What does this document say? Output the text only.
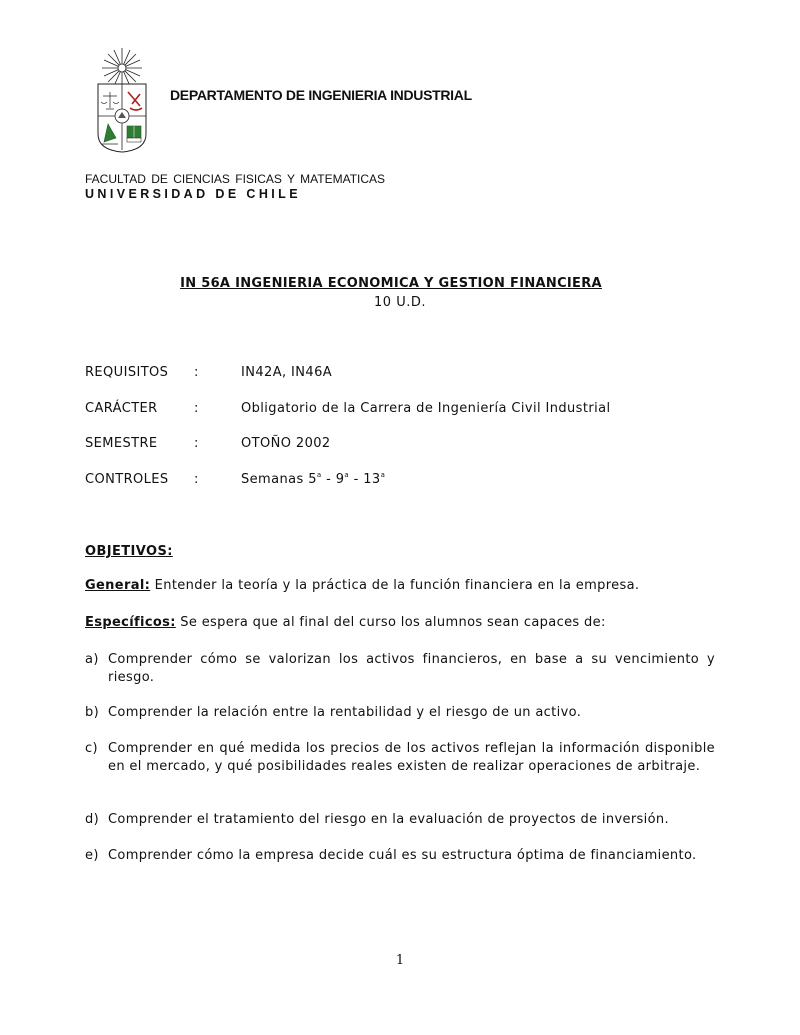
DEPARTAMENTO DE INGENIERIA INDUSTRIAL
FACULTAD DE CIENCIAS FISICAS Y MATEMATICAS
UNIVERSIDAD DE CHILE
IN 56A INGENIERIA ECONOMICA Y GESTION FINANCIERA
10 U.D.
REQUISITOS :	IN42A, IN46A
CARÁCTER	:	Obligatorio de la Carrera de Ingeniería Civil Industrial
SEMESTRE	:	OTOÑO 2002
CONTROLES :	Semanas 5$^a$ - 9$^a$ - 13$^a$
OBJETIVOS:
General: Entender la teoría y la práctica de la función financiera en la empresa.
Específicos: Se espera que al final del curso los alumnos sean capaces de:
a) Comprender cómo se valorizan los activos financieros, en base a su vencimiento y riesgo.
b) Comprender la relación entre la rentabilidad y el riesgo de un activo.
c) Comprender en qué medida los precios de los activos reflejan la información disponible en el mercado, y qué posibilidades reales existen de realizar operaciones de arbitraje.
d) Comprender el tratamiento del riesgo en la evaluación de proyectos de inversión.
e) Comprender cómo la empresa decide cuál es su estructura óptima de financiamiento.
1
